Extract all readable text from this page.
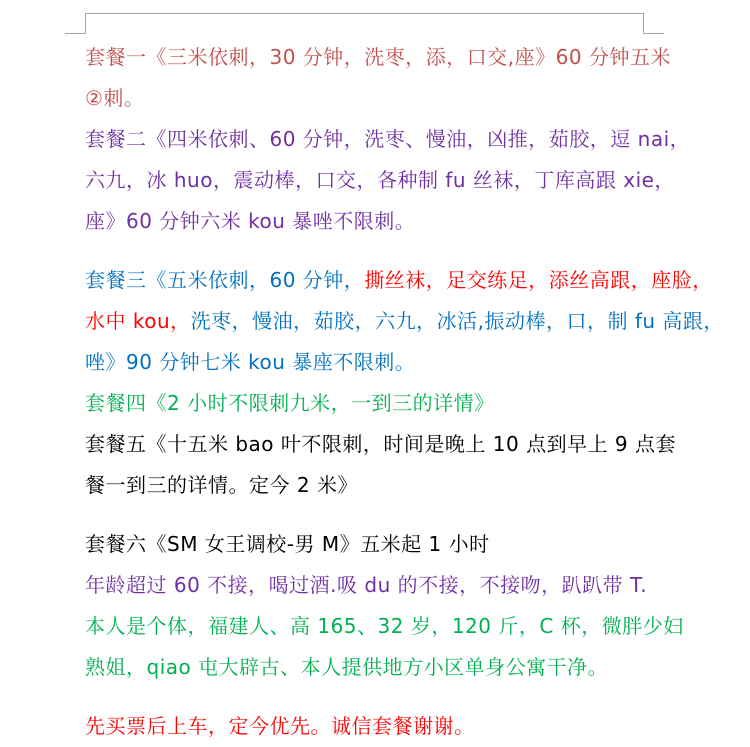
套餐一《三米依刺，30 分钟，洗枣，添，口交,座》60 分钟五米
②刺。
套餐二《四米依刺、60 分钟，洗枣、慢油，凶推，茹胶，逗 nai，
六九，冰 huo，震动棒，口交，各种制 fu 丝袜，丁库高跟 xie，
座》60 分钟六米 kou 暴唑不限刺。
套餐三《五米依刺，60 分钟，撕丝袜，足交练足，添丝高跟，座脸，
水中 kou，洗枣，慢油，茹胶，六九，冰活,振动棒，口，制 fu 高跟，
唑》90 分钟七米 kou 暴座不限刺。
套餐四《2 小时不限刺九米，一到三的详情》
套餐五《十五米 bao 叶不限刺，时间是晚上 10 点到早上 9 点套
餐一到三的详情。定今 2 米》
套餐六《SM 女王调校-男 M》五米起 1 小时
年龄超过 60 不接，喝过酒.吸 du 的不接，不接吻，趴趴带 T.
本人是个体，福建人、高 165、32 岁，120 斤，C 杯，微胖少妇
熟姐，qiao 屯大辟古、本人提供地方小区单身公寓干净。
先买票后上车，定今优先。诚信套餐谢谢。
